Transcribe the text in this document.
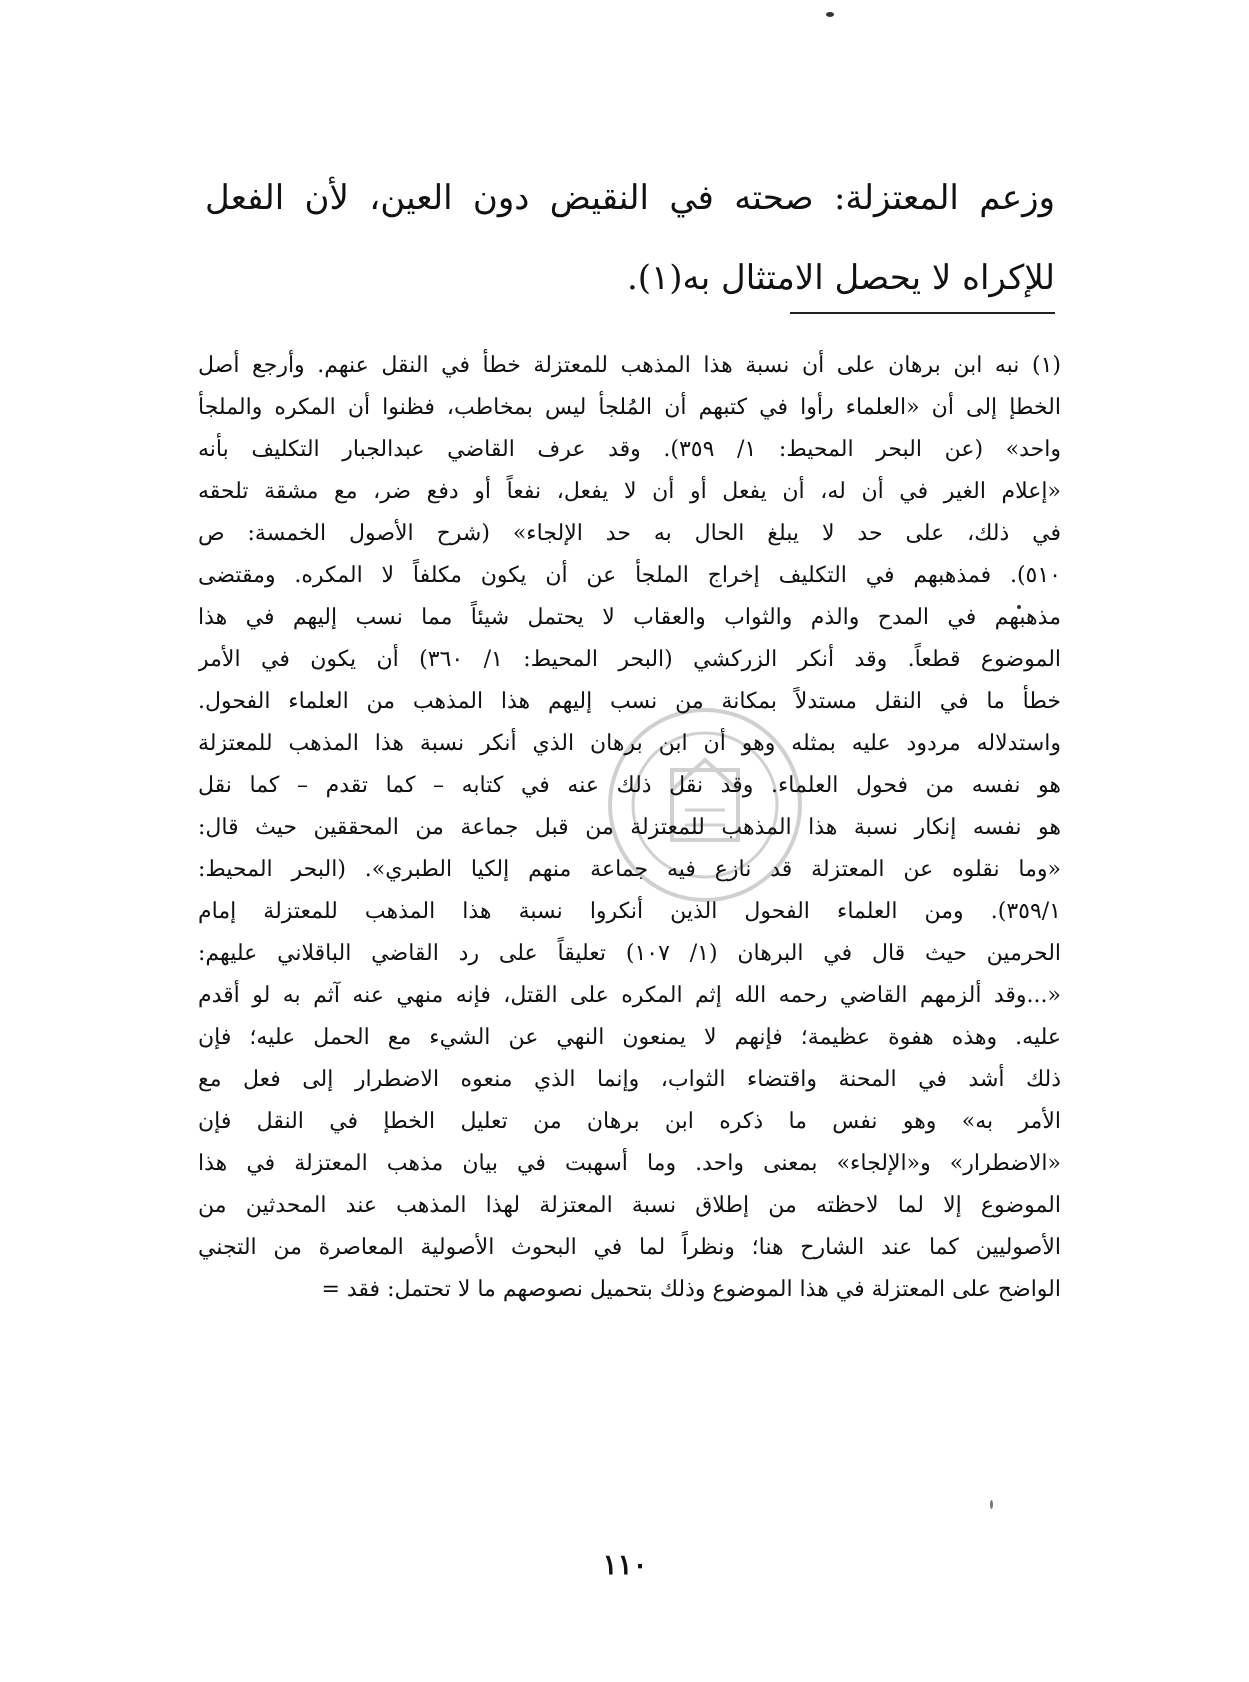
وزعم المعتزلة: صحته في النقيض دون العين، لأن الفعل للإكراه لا يحصل الامتثال به(١).
(١) نبه ابن برهان على أن نسبة هذا المذهب للمعتزلة خطأ في النقل عنهم. وأرجع أصل
الخطإ إلى أن «العلماء رأوا في كتبهم أن المُلجأ ليس بمخاطب، فظنوا أن المكره والملجأ
واحد» (عن البحر المحيط: ١/ ٣٥٩). وقد عرف القاضي عبدالجبار التكليف بأنه
«إعلام الغير في أن له، أن يفعل أو أن لا يفعل، نفعاً أو دفع ضر، مع مشقة تلحقه
في ذلك، على حد لا يبلغ الحال به حد الإلجاء» (شرح الأصول الخمسة: ص
٥١٠). فمذهبهم في التكليف إخراج الملجأ عن أن يكون مكلفاً لا المكره. ومقتضى
مذهبهم في المدح والذم والثواب والعقاب لا يحتمل شيئاً مما نسب إليهم في هذا
الموضوع قطعاً. وقد أنكر الزركشي (البحر المحيط: ١/ ٣٦٠) أن يكون في الأمر
خطأ ما في النقل مستدلاً بمكانة من نسب إليهم هذا المذهب من العلماء الفحول.
واستدلاله مردود عليه بمثله وهو أن ابن برهان الذي أنكر نسبة هذا المذهب للمعتزلة
هو نفسه من فحول العلماء. وقد نقل ذلك عنه في كتابه – كما تقدم – كما نقل
هو نفسه إنكار نسبة هذا المذهب للمعتزلة من قبل جماعة من المحققين حيث قال:
«وما نقلوه عن المعتزلة قد نازع فيه جماعة منهم إلكيا الطبري». (البحر المحيط:
٣٥٩/١). ومن العلماء الفحول الذين أنكروا نسبة هذا المذهب للمعتزلة إمام
الحرمين حيث قال في البرهان (١/ ١٠٧) تعليقاً على رد القاضي الباقلاني عليهم:
«...وقد ألزمهم القاضي رحمه الله إثم المكره على القتل، فإنه منهي عنه آثم به لو أقدم
عليه. وهذه هفوة عظيمة؛ فإنهم لا يمنعون النهي عن الشيء مع الحمل عليه؛ فإن
ذلك أشد في المحنة واقتضاء الثواب، وإنما الذي منعوه الاضطرار إلى فعل مع
الأمر به» وهو نفس ما ذكره ابن برهان من تعليل الخطإ في النقل فإن
«الاضطرار» و«الإلجاء» بمعنى واحد. وما أسهبت في بيان مذهب المعتزلة في هذا
الموضوع إلا لما لاحظته من إطلاق نسبة المعتزلة لهذا المذهب عند المحدثين من
الأصوليين كما عند الشارح هنا؛ ونظراً لما في البحوث الأصولية المعاصرة من التجني
الواضح على المعتزلة في هذا الموضوع وذلك بتحميل نصوصهم ما لا تحتمل: فقد =
١١٠
